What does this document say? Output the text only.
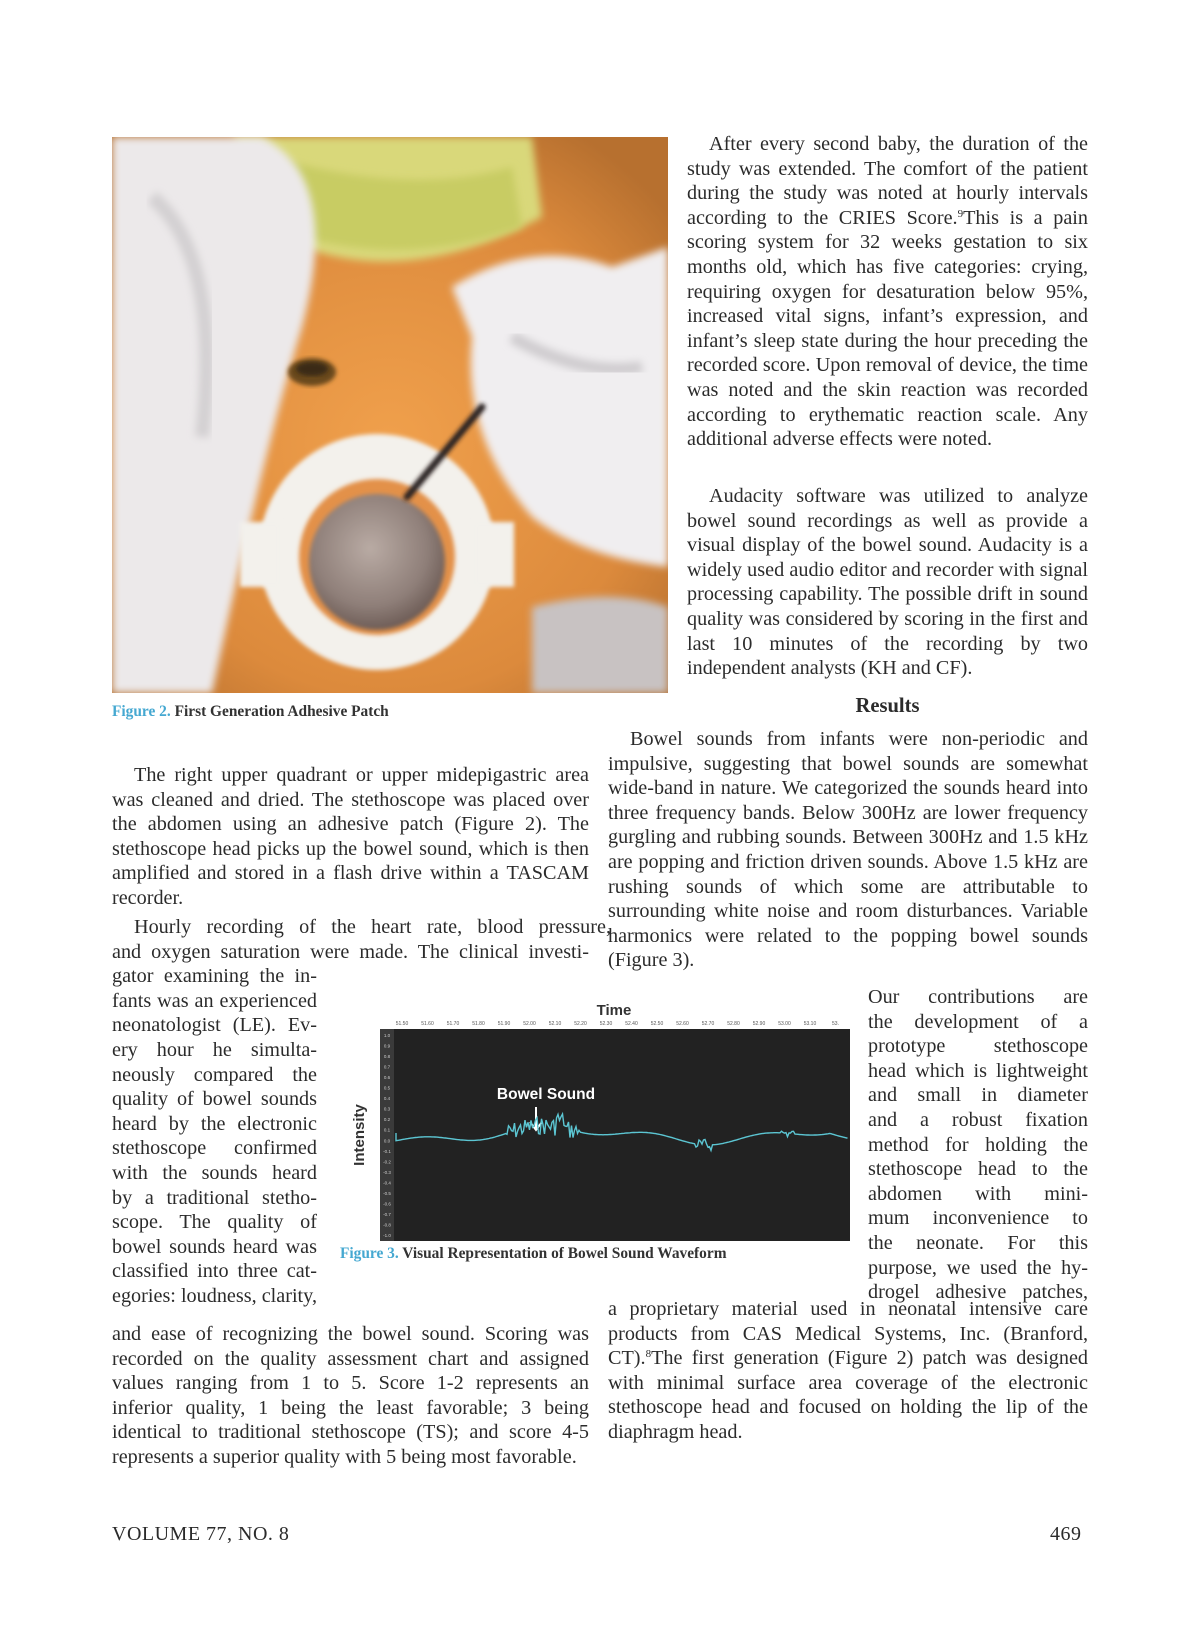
Figure 2. First Generation Adhesive Patch

The right upper quadrant or upper midepigastric area was cleaned and dried. The stethoscope was placed over the abdomen using an adhesive patch (Figure 2). The stethoscope head picks up the bowel sound, which is then amplified and stored in a flash drive within a TASCAM recorder.

Hourly recording of the heart rate, blood pressure,
and oxygen saturation were made. The clinical investi-
gator examining the in-
fants was an experienced
neonatologist (LE). Ev-
ery hour he simulta-
neously compared the
quality of bowel sounds
heard by the electronic
stethoscope confirmed
with the sounds heard
by a traditional stetho-
scope. The quality of
bowel sounds heard was
classified into three cat-
egories: loudness, clarity,

and ease of recognizing the bowel sound. Scoring was recorded on the quality assessment chart and assigned values ranging from 1 to 5. Score 1-2 represents an inferior quality, 1 being the least favorable; 3 being identical to traditional stethoscope (TS); and score 4-5 represents a superior quality with 5 being most favorable.

Time
51.50	51.60	51.70	51.80	51.90	52.00	52.10	52.20	52.30	52.40	52.50	52.60	52.70	52.80	52.90	53.00	53.10	53.
1.0
0.9
0.8
0.7
0.6
0.5
0.4
0.3
0.2
0.1
0.0
-0.1
-0.2
-0.3
-0.4
-0.5
-0.6
-0.7
-0.8
-1.0
Intensity
Bowel Sound
Figure 3. Visual Representation of Bowel Sound Waveform

After every second baby, the duration of the study was extended. The comfort of the patient during the study was noted at hourly intervals according to the CRIES Score.$^9$This is a pain scoring system for 32 weeks gestation to six months old, which has five categories: crying, requiring oxygen for desaturation below 95%, increased vital signs, infant’s expression, and infant’s sleep state during the hour preceding the recorded score. Upon removal of device, the time was noted and the skin reaction was recorded according to erythematic reaction scale. Any additional adverse effects were noted.

Audacity software was utilized to analyze bowel sound recordings as well as provide a visual display of the bowel sound. Audacity is a widely used audio editor and recorder with signal processing capability. The possible drift in sound quality was considered by scoring in the first and last 10 minutes of the recording by two independent analysts (KH and CF).

Results

Bowel sounds from infants were non-periodic and impulsive, suggesting that bowel sounds are somewhat wide-band in nature. We categorized the sounds heard into three frequency bands. Below 300Hz are lower frequency gurgling and rubbing sounds. Between 300Hz and 1.5 kHz are popping and friction driven sounds. Above 1.5 kHz are rushing sounds of which some are attributable to surrounding white noise and room disturbances. Variable harmonics were related to the popping bowel sounds (Figure 3).

Our contributions are
the development of a
prototype stethoscope
head which is lightweight
and small in diameter
and a robust fixation
method for holding the
stethoscope head to the
abdomen with mini-
mum inconvenience to
the neonate. For this
purpose, we used the hy-
drogel adhesive patches,

a proprietary material used in neonatal intensive care products from CAS Medical Systems, Inc. (Branford, CT).$^8$The first generation (Figure 2) patch was designed with minimal surface area coverage of the electronic stethoscope head and focused on holding the lip of the diaphragm head.

VOLUME 77, NO. 8	469
